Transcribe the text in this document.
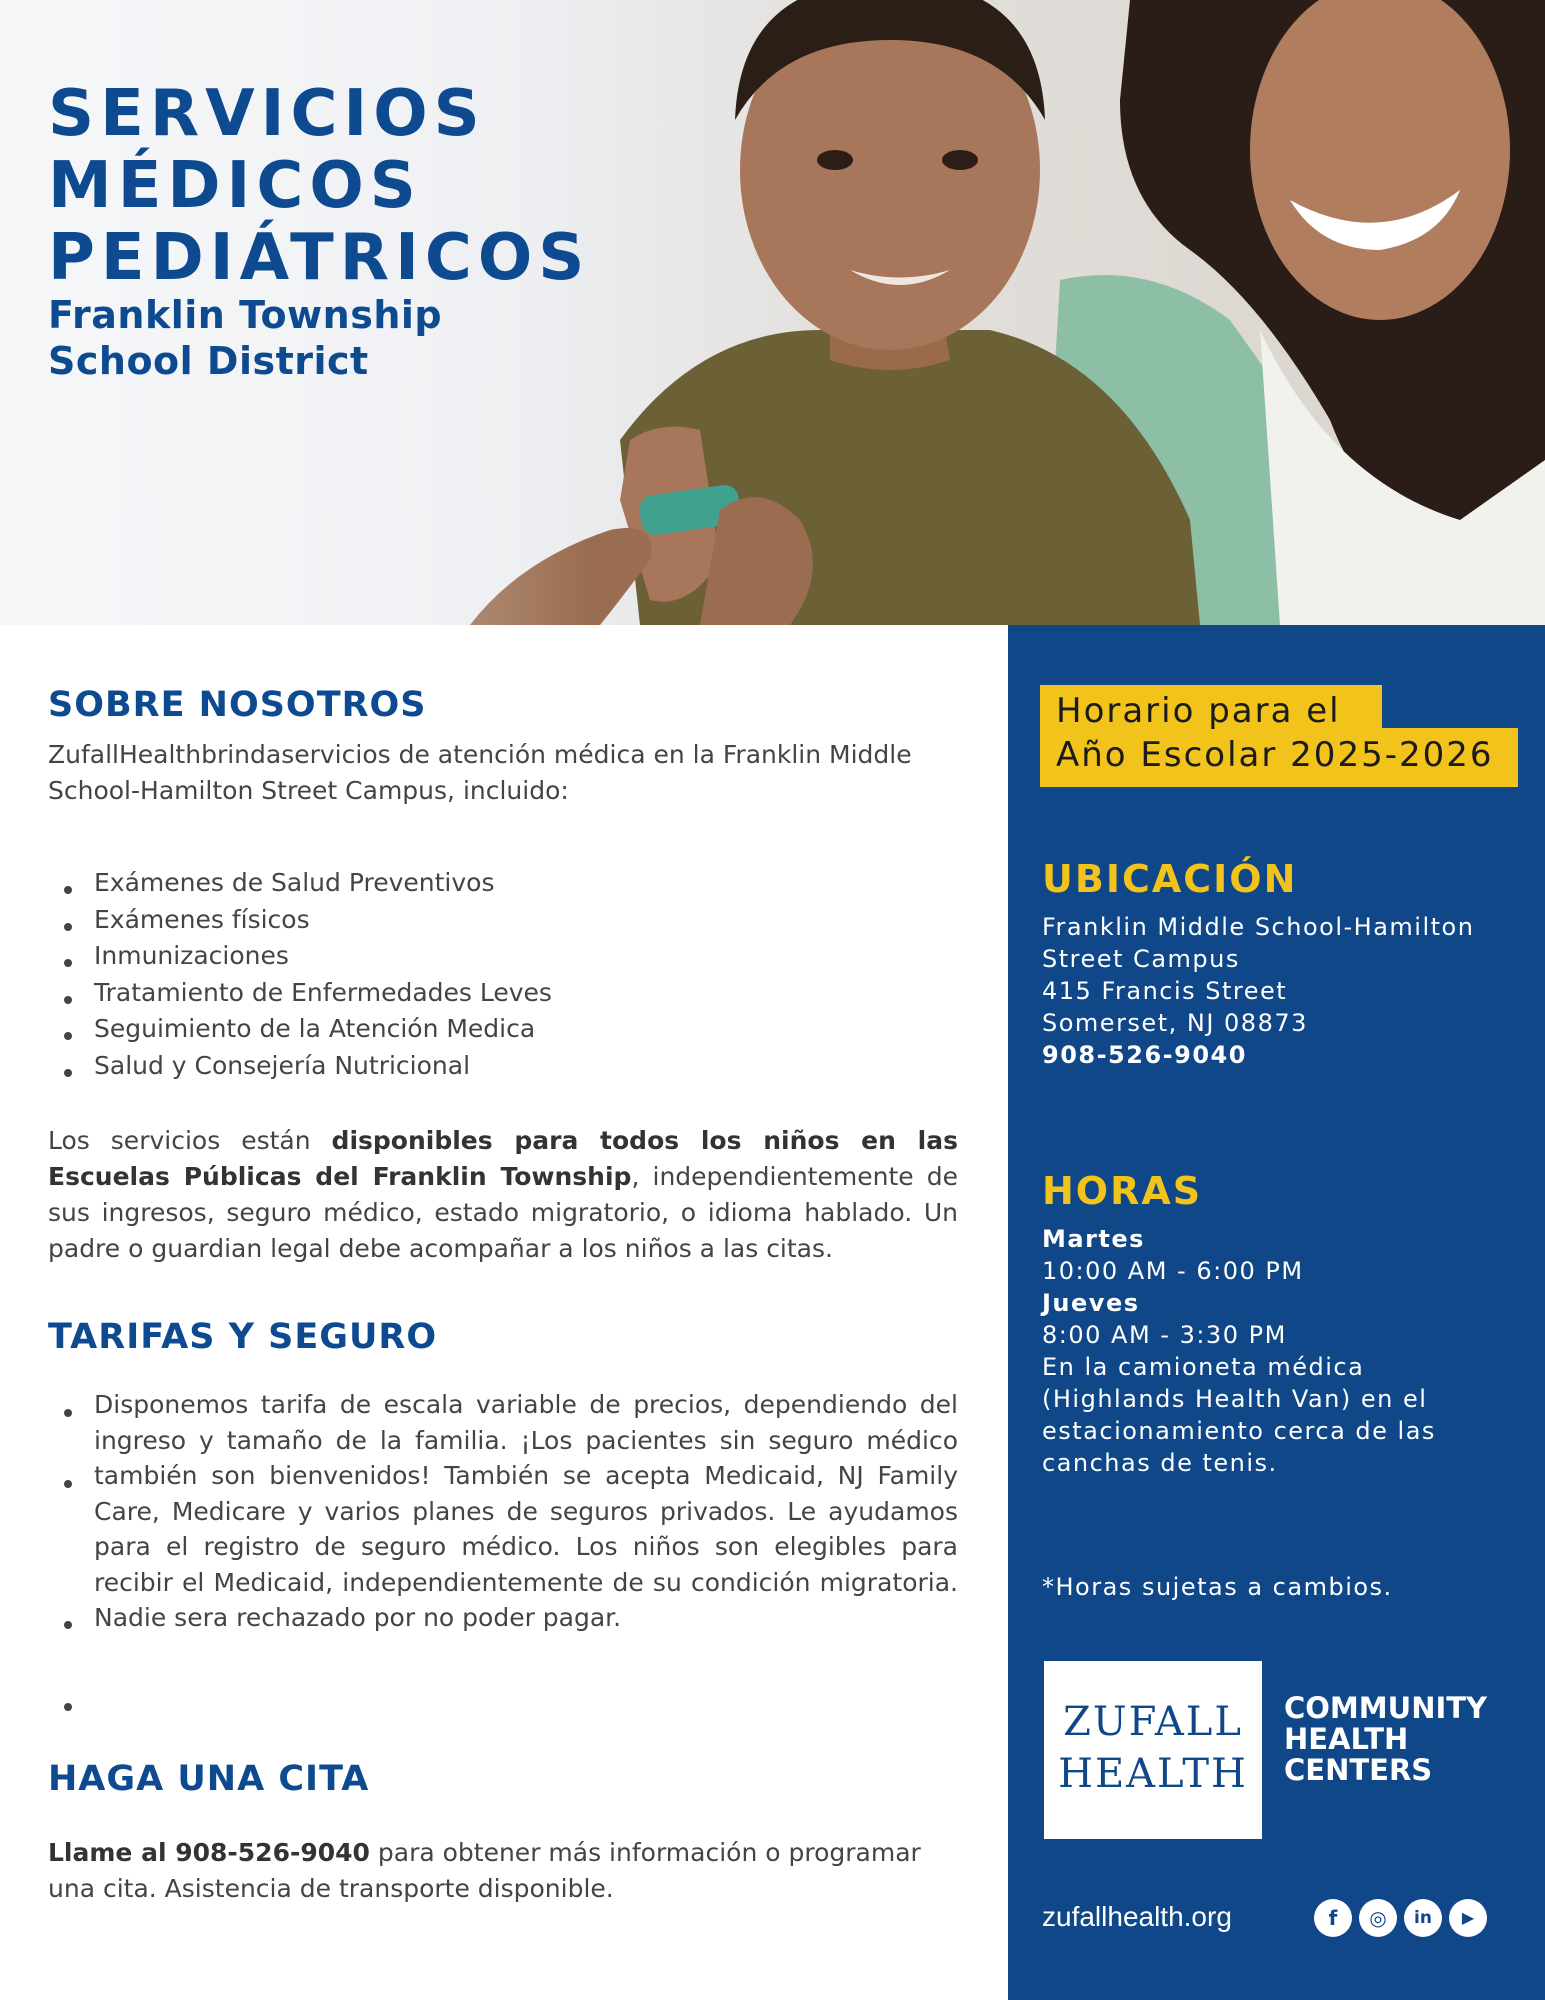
SERVICIOS
MÉDICOS
PEDIÁTRICOS
Franklin Township
School District
SOBRE NOSOTROS
ZufallHealthbrindaservicios de atención médica en la Franklin Middle
School-Hamilton Street Campus, incluido:
Exámenes de Salud Preventivos
Exámenes físicos
Inmunizaciones
Tratamiento de Enfermedades Leves
Seguimiento de la Atención Medica
Salud y Consejería Nutricional
Los servicios están disponibles para todos los niños en las Escuelas Públicas del Franklin Township, independientemente de sus ingresos, seguro médico, estado migratorio, o idioma hablado. Un padre o guardian legal debe acompañar a los niños a las citas.
TARIFAS Y SEGURO
Disponemos tarifa de escala variable de precios, dependiendo del ingreso y tamaño de la familia. ¡Los pacientes sin seguro médico también son bienvenidos! También se acepta Medicaid, NJ Family Care, Medicare y varios planes de seguros privados. Le ayudamos para el registro de seguro médico. Los niños son elegibles para recibir el Medicaid, independientemente de su condición migratoria. Nadie sera rechazado por no poder pagar.
HAGA UNA CITA
Llame al 908-526-9040 para obtener más información o programar
una cita. Asistencia de transporte disponible.
Horario para el
Año Escolar 2025-2026
UBICACIÓN
Franklin Middle School-Hamilton
Street Campus
415 Francis Street
Somerset, NJ 08873
908-526-9040
HORAS
Martes
10:00 AM - 6:00 PM
Jueves
8:00 AM - 3:30 PM
En la camioneta médica
(Highlands Health Van) en el
estacionamiento cerca de las
canchas de tenis.
*Horas sujetas a cambios.
ZUFALL
HEALTH
COMMUNITY
HEALTH
CENTERS
zufallhealth.org	f	◎	in	▶
